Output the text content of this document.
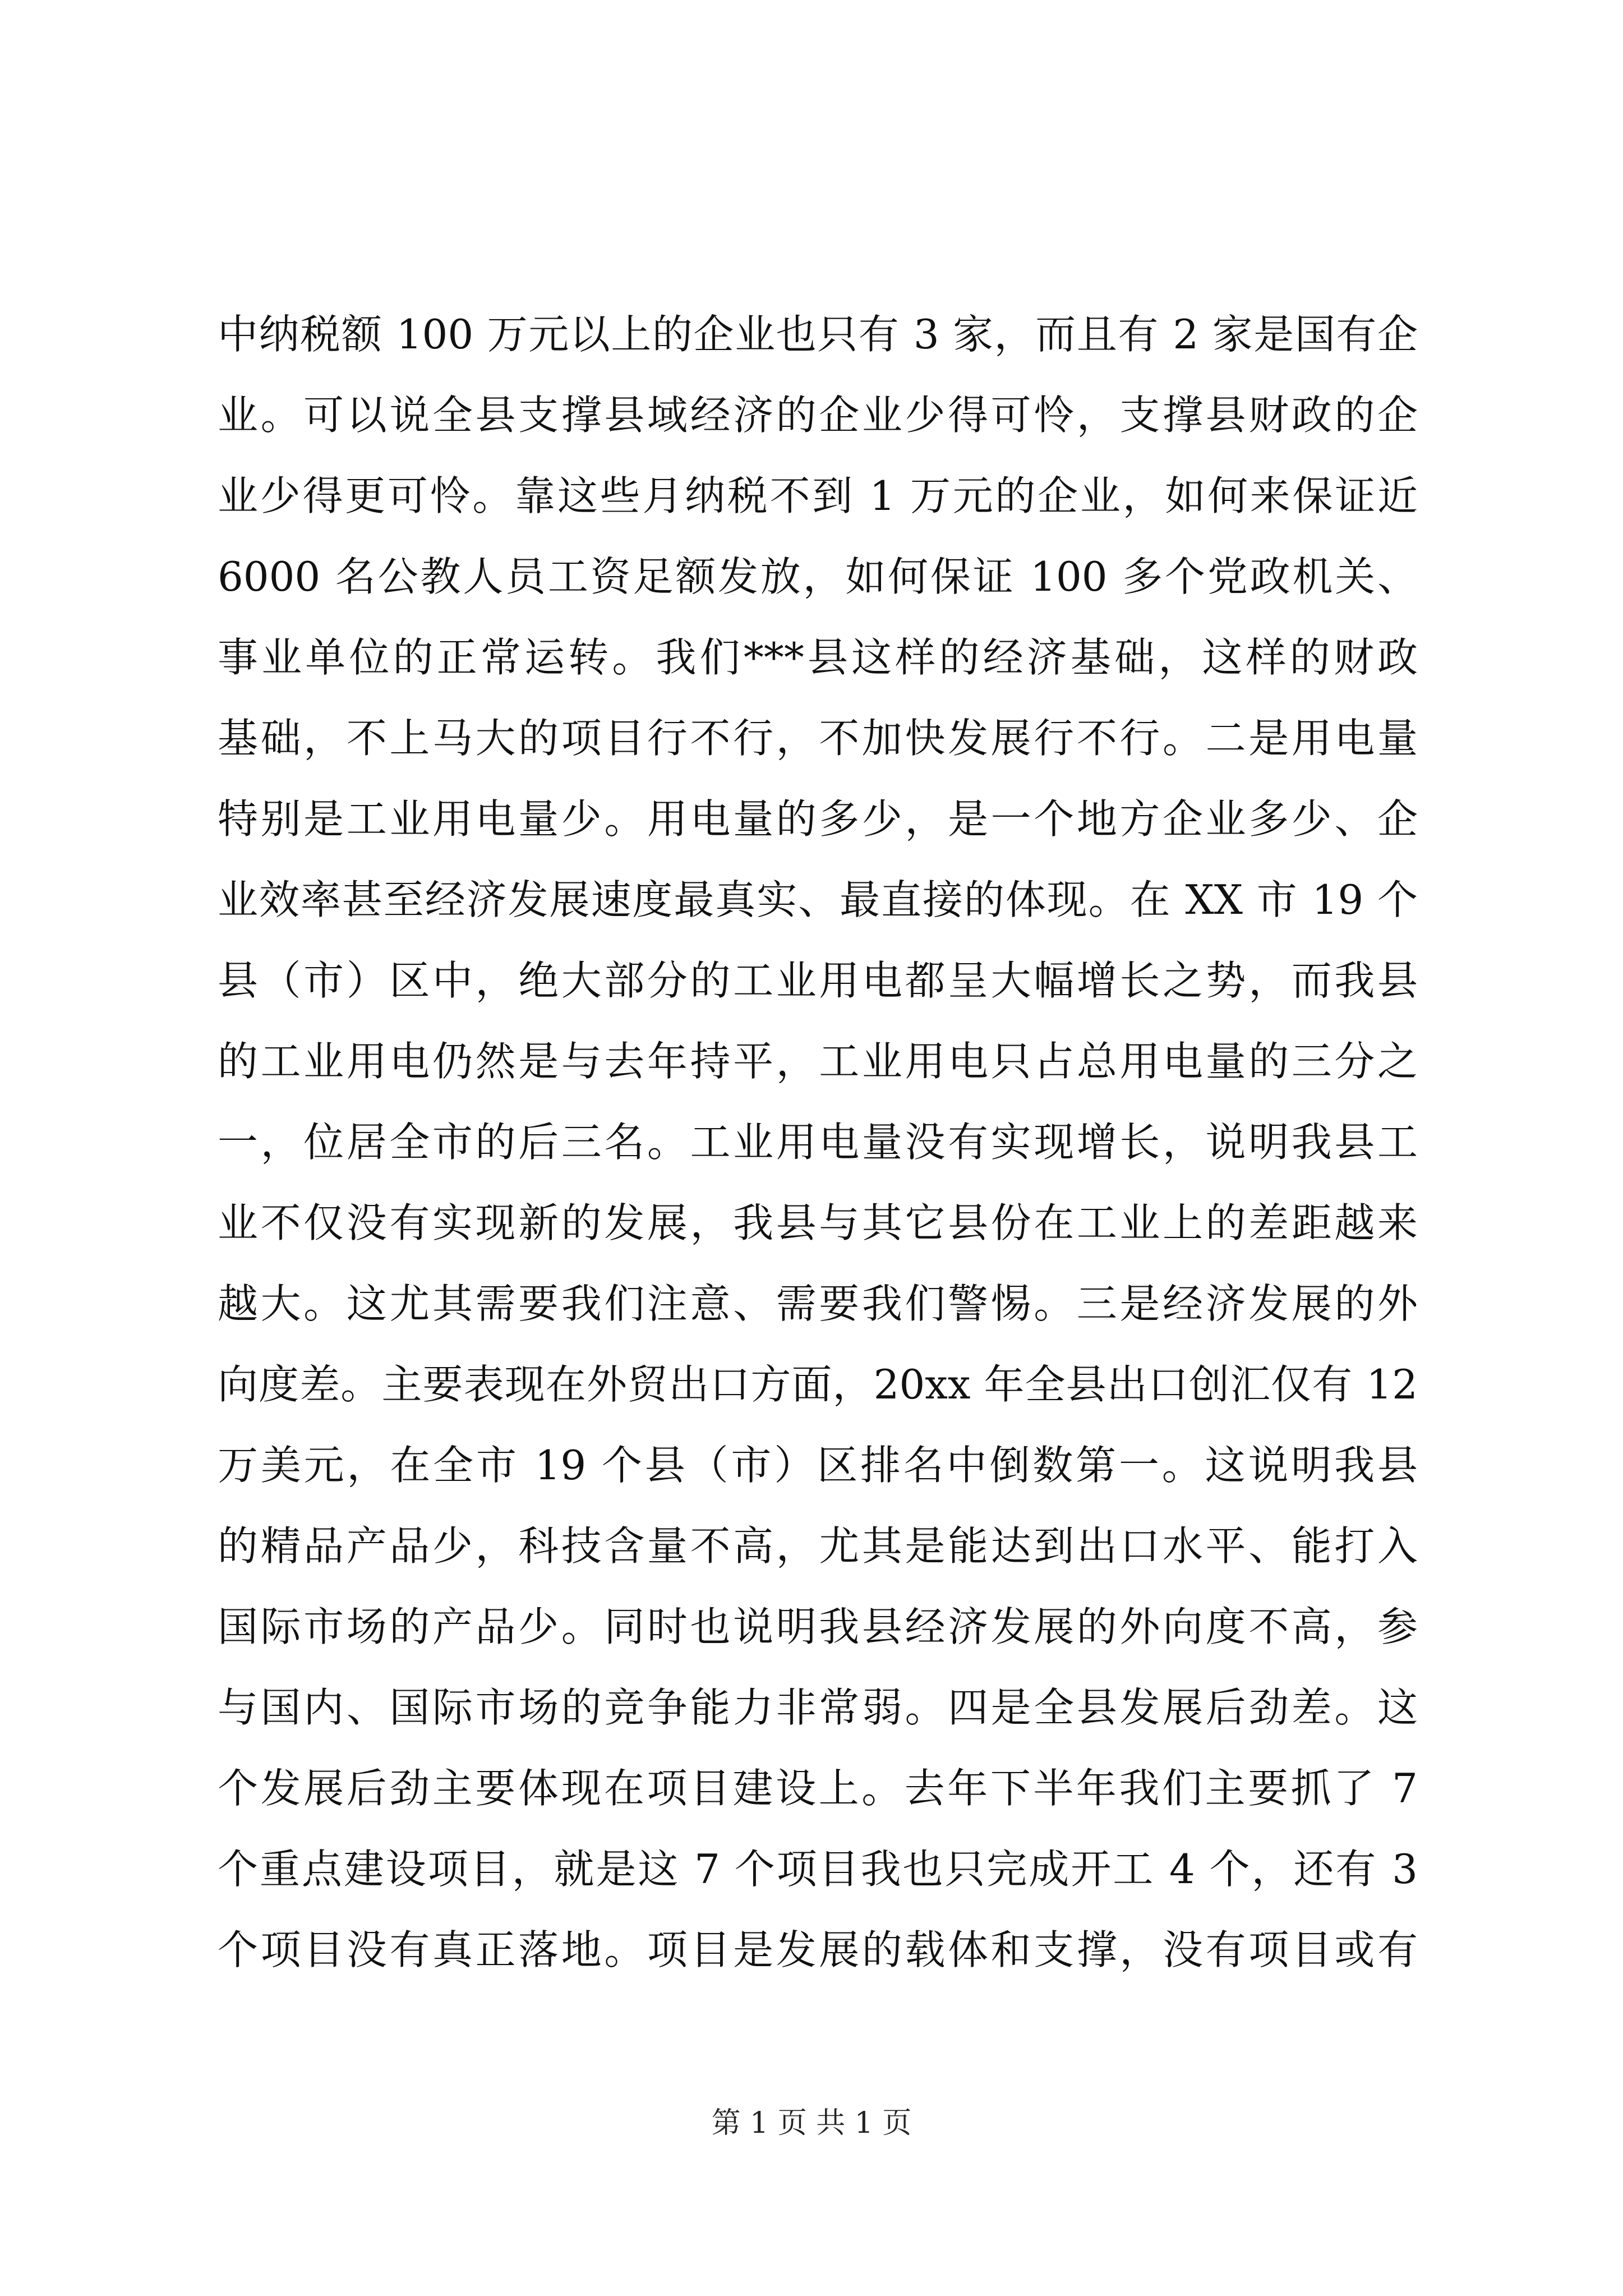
中纳税额 100 万元以上的企业也只有 3 家，而且有 2 家是国有企
业。可以说全县支撑县域经济的企业少得可怜，支撑县财政的企
业少得更可怜。靠这些月纳税不到 1 万元的企业，如何来保证近
6000 名公教人员工资足额发放，如何保证 100 多个党政机关、
事业单位的正常运转。我们***县这样的经济基础，这样的财政
基础，不上马大的项目行不行，不加快发展行不行。二是用电量
特别是工业用电量少。用电量的多少，是一个地方企业多少、企
业效率甚至经济发展速度最真实、最直接的体现。在 XX 市 19 个
县（市）区中，绝大部分的工业用电都呈大幅增长之势，而我县
的工业用电仍然是与去年持平，工业用电只占总用电量的三分之
一，位居全市的后三名。工业用电量没有实现增长，说明我县工
业不仅没有实现新的发展，我县与其它县份在工业上的差距越来
越大。这尤其需要我们注意、需要我们警惕。三是经济发展的外
向度差。主要表现在外贸出口方面，20xx 年全县出口创汇仅有 12
万美元，在全市 19 个县（市）区排名中倒数第一。这说明我县
的精品产品少，科技含量不高，尤其是能达到出口水平、能打入
国际市场的产品少。同时也说明我县经济发展的外向度不高，参
与国内、国际市场的竞争能力非常弱。四是全县发展后劲差。这
个发展后劲主要体现在项目建设上。去年下半年我们主要抓了 7
个重点建设项目，就是这 7 个项目我也只完成开工 4 个，还有 3
个项目没有真正落地。项目是发展的载体和支撑，没有项目或有
第 1 页 共 1 页
